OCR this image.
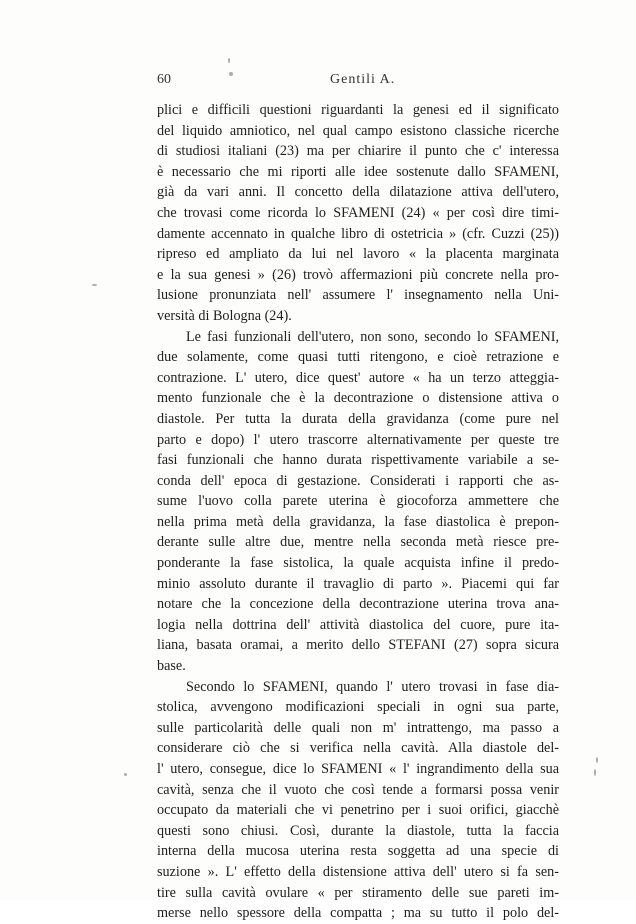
60	Gentili A.
plici e difficili questioni riguardanti la genesi ed il significato
del liquido amniotico, nel qual campo esistono classiche ricerche
di studiosi italiani (23) ma per chiarire il punto che c' interessa
è necessario che mi riporti alle idee sostenute dallo SFAMENI,
già da vari anni. Il concetto della dilatazione attiva dell'utero,
che trovasi come ricorda lo SFAMENI (24) « per così dire timi-
damente accennato in qualche libro di ostetricia » (cfr. Cuzzi (25))
ripreso ed ampliato da lui nel lavoro « la placenta marginata
e la sua genesi » (26) trovò affermazioni più concrete nella pro-
lusione pronunziata nell' assumere l' insegnamento nella Uni-
versità di Bologna (24).
Le fasi funzionali dell'utero, non sono, secondo lo SFAMENI,
due solamente, come quasi tutti ritengono, e cioè retrazione e
contrazione. L' utero, dice quest' autore « ha un terzo atteggia-
mento funzionale che è la decontrazione o distensione attiva o
diastole. Per tutta la durata della gravidanza (come pure nel
parto e dopo) l' utero trascorre alternativamente per queste tre
fasi funzionali che hanno durata rispettivamente variabile a se-
conda dell' epoca di gestazione. Considerati i rapporti che as-
sume l'uovo colla parete uterina è giocoforza ammettere che
nella prima metà della gravidanza, la fase diastolica è prepon-
derante sulle altre due, mentre nella seconda metà riesce pre-
ponderante la fase sistolica, la quale acquista infine il predo-
minio assoluto durante il travaglio di parto ». Piacemi qui far
notare che la concezione della decontrazione uterina trova ana-
logia nella dottrina dell' attività diastolica del cuore, pure ita-
liana, basata oramai, a merito dello STEFANI (27) sopra sicura
base.
Secondo lo SFAMENI, quando l' utero trovasi in fase dia-
stolica, avvengono modificazioni speciali in ogni sua parte,
sulle particolarità delle quali non m' intrattengo, ma passo a
considerare ciò che si verifica nella cavità. Alla diastole del-
l' utero, consegue, dice lo SFAMENI « l' ingrandimento della sua
cavità, senza che il vuoto che così tende a formarsi possa venir
occupato da materiali che vi penetrino per i suoi orifici, giacchè
questi sono chiusi. Così, durante la diastole, tutta la faccia
interna della mucosa uterina resta soggetta ad una specie di
suzione ». L' effetto della distensione attiva dell' utero si fa sen-
tire sulla cavità ovulare « per stiramento delle sue pareti im-
merse nello spessore della compatta ; ma su tutto il polo del-
